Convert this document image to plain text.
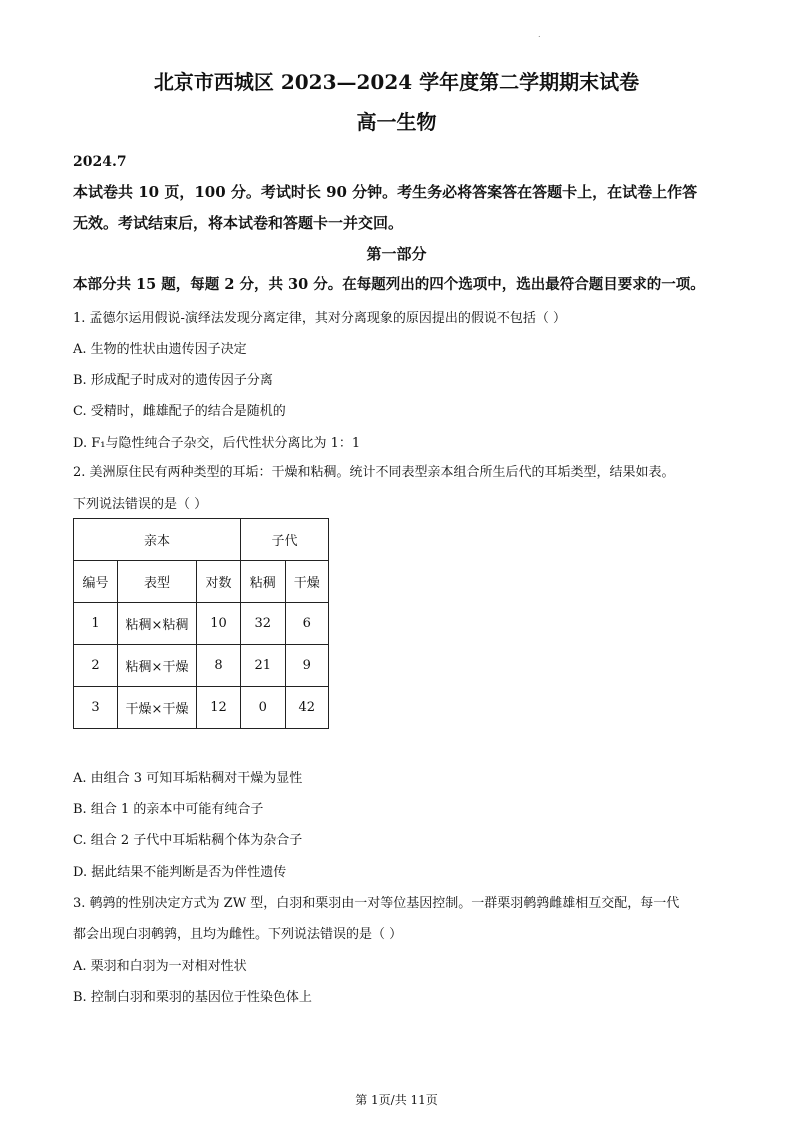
.
北京市西城区 2023—2024 学年度第二学期期末试卷
高一生物
2024.7
本试卷共 10 页，100 分。考试时长 90 分钟。考生务必将答案答在答题卡上，在试卷上作答
无效。考试结束后，将本试卷和答题卡一并交回。
第一部分
本部分共 15 题，每题 2 分，共 30 分。在每题列出的四个选项中，选出最符合题目要求的一项。
1. 孟德尔运用假说-演绎法发现分离定律，其对分离现象的原因提出的假说不包括（ ）
A. 生物的性状由遗传因子决定
B. 形成配子时成对的遗传因子分离
C. 受精时，雌雄配子的结合是随机的
D. F₁与隐性纯合子杂交，后代性状分离比为 1：1
2. 美洲原住民有两种类型的耳垢：干燥和粘稠。统计不同表型亲本组合所生后代的耳垢类型，结果如表。
下列说法错误的是（ ）
亲本			子代	
编号	表型	对数	粘稠	干燥
1	粘稠×粘稠	10	32	6
2	粘稠×干燥	8	21	9
3	干燥×干燥	12	0	42
A. 由组合 3 可知耳垢粘稠对干燥为显性
B. 组合 1 的亲本中可能有纯合子
C. 组合 2 子代中耳垢粘稠个体为杂合子
D. 据此结果不能判断是否为伴性遗传
3. 鹌鹑的性别决定方式为 ZW 型，白羽和栗羽由一对等位基因控制。一群栗羽鹌鹑雌雄相互交配，每一代
都会出现白羽鹌鹑，且均为雌性。下列说法错误的是（ ）
A. 栗羽和白羽为一对相对性状
B. 控制白羽和栗羽的基因位于性染色体上
第 1页/共 11页
